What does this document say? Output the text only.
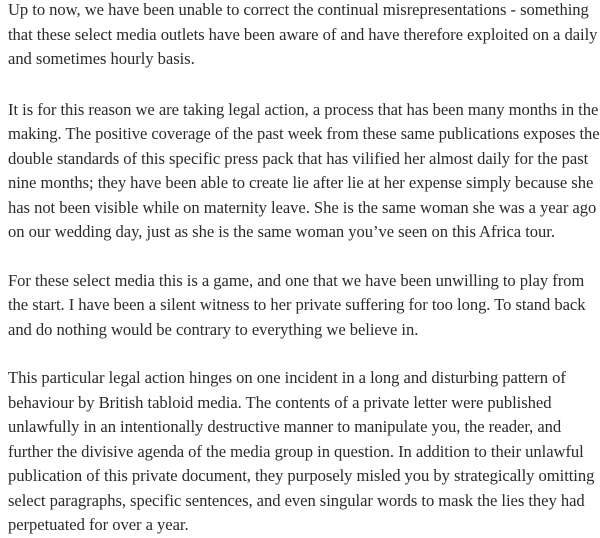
Up to now, we have been unable to correct the continual misrepresentations - something that these select media outlets have been aware of and have therefore exploited on a daily and sometimes hourly basis.

It is for this reason we are taking legal action, a process that has been many months in the making. The positive coverage of the past week from these same publications exposes the double standards of this specific press pack that has vilified her almost daily for the past nine months; they have been able to create lie after lie at her expense simply because she has not been visible while on maternity leave. She is the same woman she was a year ago on our wedding day, just as she is the same woman you’ve seen on this Africa tour.

For these select media this is a game, and one that we have been unwilling to play from the start. I have been a silent witness to her private suffering for too long. To stand back and do nothing would be contrary to everything we believe in.

This particular legal action hinges on one incident in a long and disturbing pattern of behaviour by British tabloid media. The contents of a private letter were published unlawfully in an intentionally destructive manner to manipulate you, the reader, and further the divisive agenda of the media group in question. In addition to their unlawful publication of this private document, they purposely misled you by strategically omitting select paragraphs, specific sentences, and even singular words to mask the lies they had perpetuated for over a year.
